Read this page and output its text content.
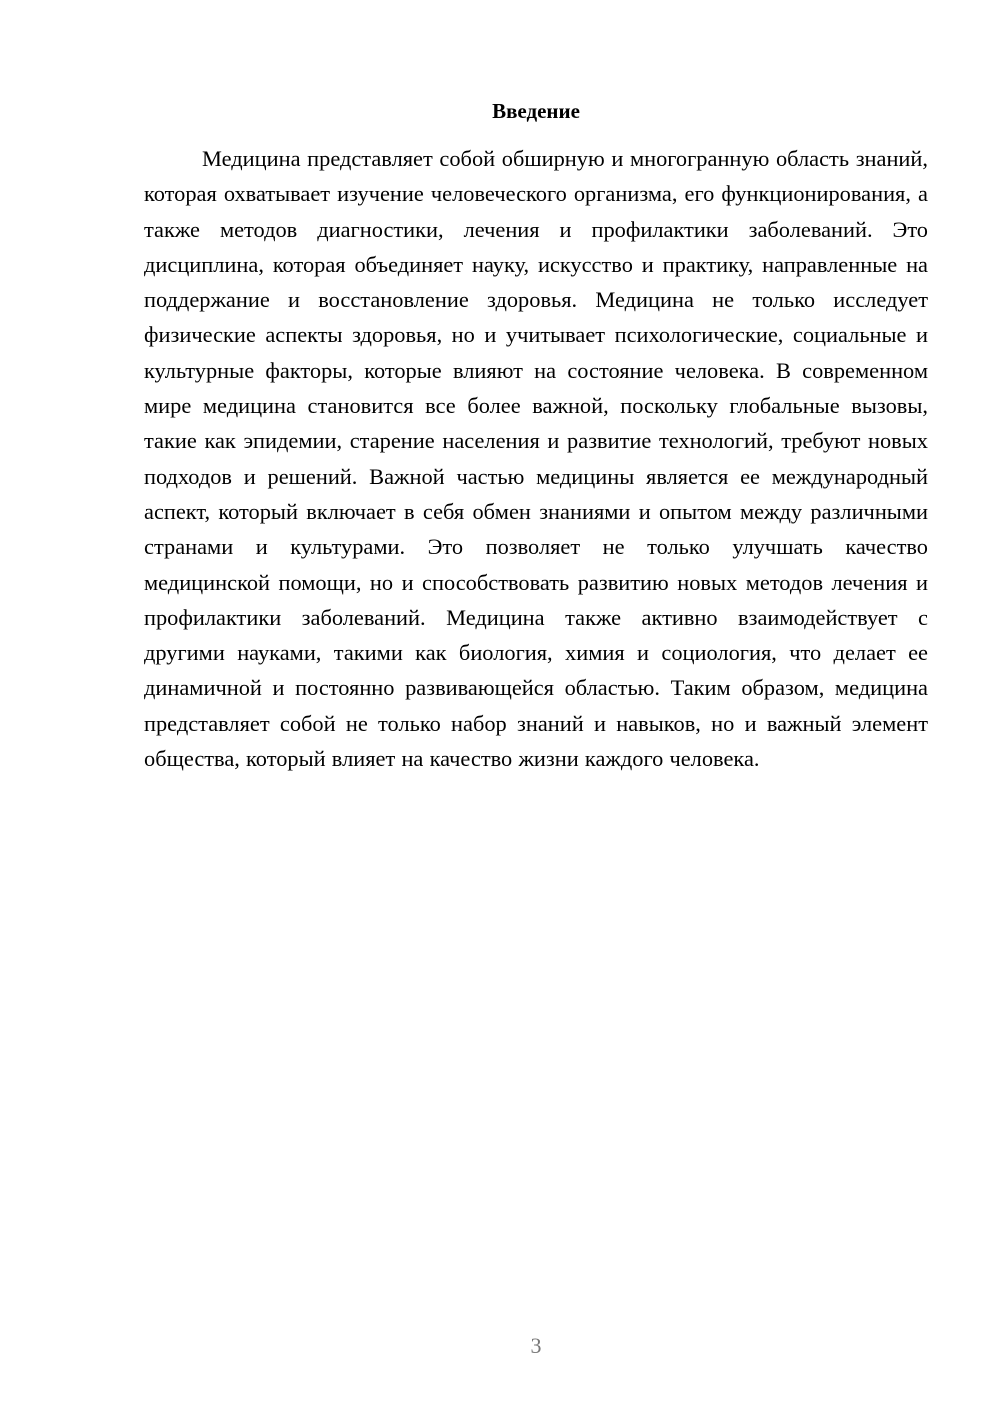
Введение

Медицина представляет собой обширную и многогранную область знаний, которая охватывает изучение человеческого организма, его функционирования, а также методов диагностики, лечения и профилактики заболеваний. Это дисциплина, которая объединяет науку, искусство и практику, направленные на поддержание и восстановление здоровья. Медицина не только исследует физические аспекты здоровья, но и учитывает психологические, социальные и культурные факторы, которые влияют на состояние человека. В современном мире медицина становится все более важной, поскольку глобальные вызовы, такие как эпидемии, старение населения и развитие технологий, требуют новых подходов и решений. Важной частью медицины является ее международный аспект, который включает в себя обмен знаниями и опытом между различными странами и культурами. Это позволяет не только улучшать качество медицинской помощи, но и способствовать развитию новых методов лечения и профилактики заболеваний. Медицина также активно взаимодействует с другими науками, такими как биология, химия и социология, что делает ее динамичной и постоянно развивающейся областью. Таким образом, медицина представляет собой не только набор знаний и навыков, но и важный элемент общества, который влияет на качество жизни каждого человека.

3
